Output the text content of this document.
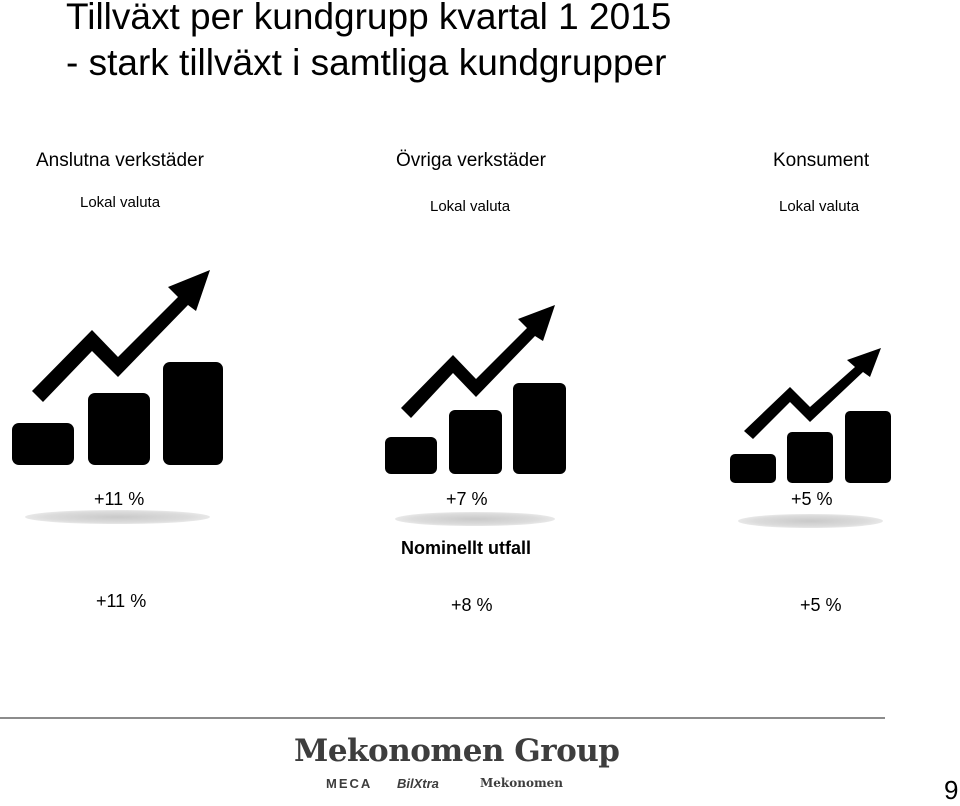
Tillväxt per kundgrupp kvartal 1 2015
- stark tillväxt i samtliga kundgrupper
Anslutna verkstäder
Lokal valuta
Övriga verkstäder
Lokal valuta
Konsument
Lokal valuta
+11 %	+7 %	+5 %
Nominellt utfall
+11 %	+8 %	+5 %
Mekonomen Group
MECA BilXtra	Mekonomen	9
